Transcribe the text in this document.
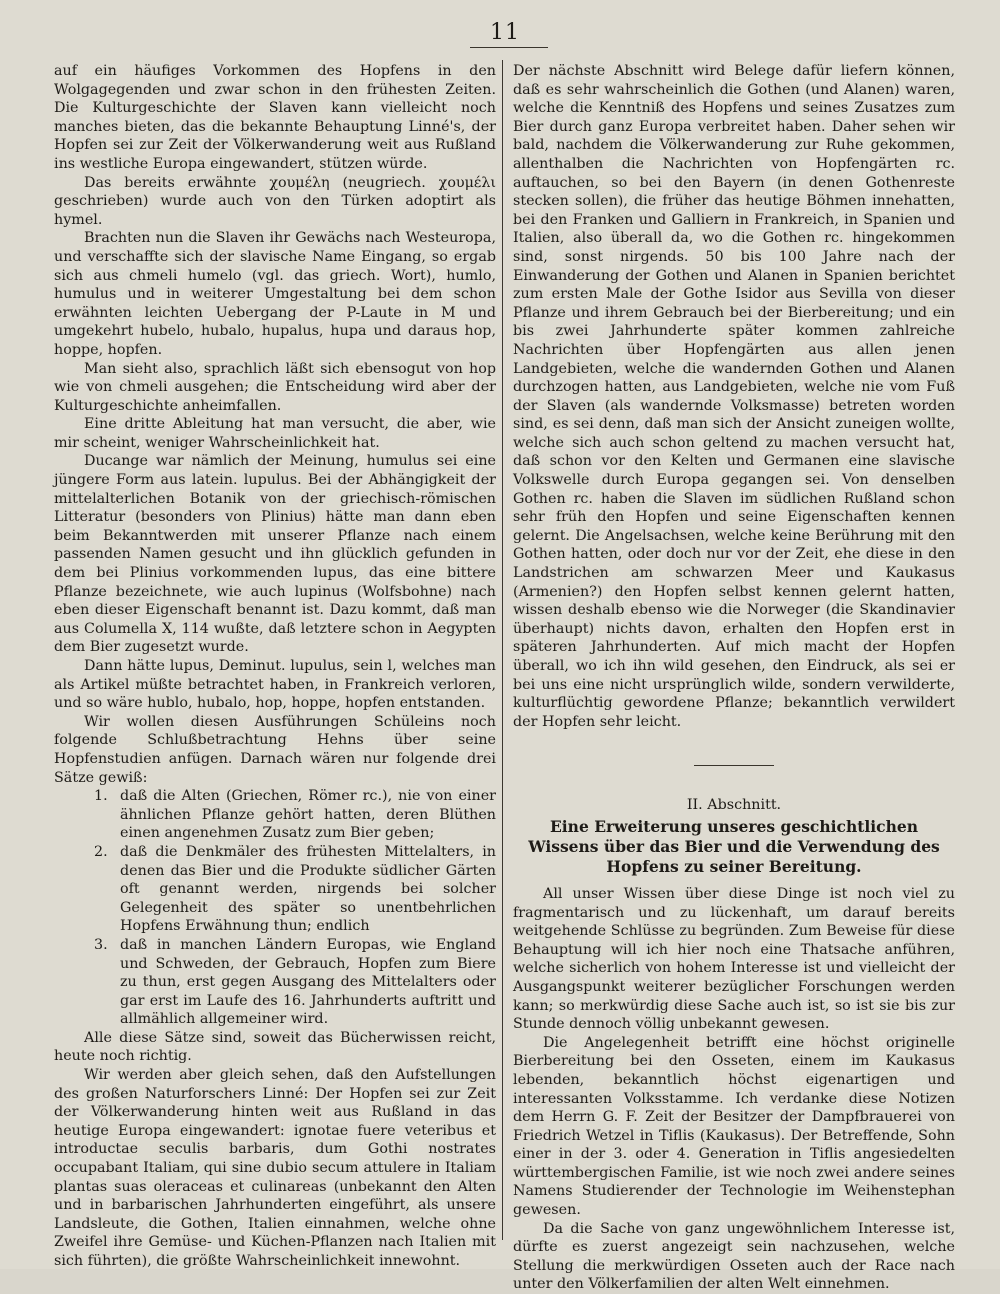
11

auf ein häufiges Vorkommen des Hopfens in den Wolgagegenden und zwar schon in den frühesten Zeiten. Die Kulturgeschichte der Slaven kann vielleicht noch manches bieten, das die bekannte Behauptung Linné's, der Hopfen sei zur Zeit der Völkerwanderung weit aus Rußland ins westliche Europa eingewandert, stützen würde.

Das bereits erwähnte χουμέλη (neugriech. χουμέλι geschrieben) wurde auch von den Türken adoptirt als hymel.

Brachten nun die Slaven ihr Gewächs nach Westeuropa, und verschaffte sich der slavische Name Eingang, so ergab sich aus chmeli humelo (vgl. das griech. Wort), humlo, humulus und in weiterer Umgestaltung bei dem schon erwähnten leichten Uebergang der P-Laute in M und umgekehrt hubelo, hubalo, hupalus, hupa und daraus hop, hoppe, hopfen.

Man sieht also, sprachlich läßt sich ebensogut von hop wie von chmeli ausgehen; die Entscheidung wird aber der Kulturgeschichte anheimfallen.

Eine dritte Ableitung hat man versucht, die aber, wie mir scheint, weniger Wahrscheinlichkeit hat.

Ducange war nämlich der Meinung, humulus sei eine jüngere Form aus latein. lupulus. Bei der Abhängigkeit der mittelalterlichen Botanik von der griechisch-römischen Litteratur (besonders von Plinius) hätte man dann eben beim Bekanntwerden mit unserer Pflanze nach einem passenden Namen gesucht und ihn glücklich gefunden in dem bei Plinius vorkommenden lupus, das eine bittere Pflanze bezeichnete, wie auch lupinus (Wolfsbohne) nach eben dieser Eigenschaft benannt ist. Dazu kommt, daß man aus Columella X, 114 wußte, daß letztere schon in Aegypten dem Bier zugesetzt wurde.

Dann hätte lupus, Deminut. lupulus, sein l, welches man als Artikel müßte betrachtet haben, in Frankreich verloren, und so wäre hublo, hubalo, hop, hoppe, hopfen entstanden.

Wir wollen diesen Ausführungen Schüleins noch folgende Schlußbetrachtung Hehns über seine Hopfenstudien anfügen. Darnach wären nur folgende drei Sätze gewiß:

1. daß die Alten (Griechen, Römer rc.), nie von einer ähnlichen Pflanze gehört hatten, deren Blüthen einen angenehmen Zusatz zum Bier geben;
2. daß die Denkmäler des frühesten Mittelalters, in denen das Bier und die Produkte südlicher Gärten oft genannt werden, nirgends bei solcher Gelegenheit des später so unentbehrlichen Hopfens Erwähnung thun; endlich
3. daß in manchen Ländern Europas, wie England und Schweden, der Gebrauch, Hopfen zum Biere zu thun, erst gegen Ausgang des Mittelalters oder gar erst im Laufe des 16. Jahrhunderts auftritt und allmählich allgemeiner wird.

Alle diese Sätze sind, soweit das Bücherwissen reicht, heute noch richtig.

Wir werden aber gleich sehen, daß den Aufstellungen des großen Naturforschers Linné: Der Hopfen sei zur Zeit der Völkerwanderung hinten weit aus Rußland in das heutige Europa eingewandert: ignotae fuere veteribus et introductae seculis barbaris, dum Gothi nostrates occupabant Italiam, qui sine dubio secum attulere in Italiam plantas suas oleraceas et culinareas (unbekannt den Alten und in barbarischen Jahrhunderten eingeführt, als unsere Landsleute, die Gothen, Italien einnahmen, welche ohne Zweifel ihre Gemüse- und Küchen-Pflanzen nach Italien mit sich führten), die größte Wahrscheinlichkeit innewohnt.

Der nächste Abschnitt wird Belege dafür liefern können, daß es sehr wahrscheinlich die Gothen (und Alanen) waren, welche die Kenntniß des Hopfens und seines Zusatzes zum Bier durch ganz Europa verbreitet haben. Daher sehen wir bald, nachdem die Völkerwanderung zur Ruhe gekommen, allenthalben die Nachrichten von Hopfengärten rc. auftauchen, so bei den Bayern (in denen Gothenreste stecken sollen), die früher das heutige Böhmen innehatten, bei den Franken und Galliern in Frankreich, in Spanien und Italien, also überall da, wo die Gothen rc. hingekommen sind, sonst nirgends. 50 bis 100 Jahre nach der Einwanderung der Gothen und Alanen in Spanien berichtet zum ersten Male der Gothe Isidor aus Sevilla von dieser Pflanze und ihrem Gebrauch bei der Bierbereitung; und ein bis zwei Jahrhunderte später kommen zahlreiche Nachrichten über Hopfengärten aus allen jenen Landgebieten, welche die wandernden Gothen und Alanen durchzogen hatten, aus Landgebieten, welche nie vom Fuß der Slaven (als wandernde Volksmasse) betreten worden sind, es sei denn, daß man sich der Ansicht zuneigen wollte, welche sich auch schon geltend zu machen versucht hat, daß schon vor den Kelten und Germanen eine slavische Volkswelle durch Europa gegangen sei. Von denselben Gothen rc. haben die Slaven im südlichen Rußland schon sehr früh den Hopfen und seine Eigenschaften kennen gelernt. Die Angelsachsen, welche keine Berührung mit den Gothen hatten, oder doch nur vor der Zeit, ehe diese in den Landstrichen am schwarzen Meer und Kaukasus (Armenien?) den Hopfen selbst kennen gelernt hatten, wissen deshalb ebenso wie die Norweger (die Skandinavier überhaupt) nichts davon, erhalten den Hopfen erst in späteren Jahrhunderten. Auf mich macht der Hopfen überall, wo ich ihn wild gesehen, den Eindruck, als sei er bei uns eine nicht ursprünglich wilde, sondern verwilderte, kulturflüchtig gewordene Pflanze; bekanntlich verwildert der Hopfen sehr leicht.

II. Abschnitt.
Eine Erweiterung unseres geschichtlichen Wissens über das Bier und die Verwendung des Hopfens zu seiner Bereitung.

All unser Wissen über diese Dinge ist noch viel zu fragmentarisch und zu lückenhaft, um darauf bereits weitgehende Schlüsse zu begründen. Zum Beweise für diese Behauptung will ich hier noch eine Thatsache anführen, welche sicherlich von hohem Interesse ist und vielleicht der Ausgangspunkt weiterer bezüglicher Forschungen werden kann; so merkwürdig diese Sache auch ist, so ist sie bis zur Stunde dennoch völlig unbekannt gewesen.

Die Angelegenheit betrifft eine höchst originelle Bierbereitung bei den Osseten, einem im Kaukasus lebenden, bekanntlich höchst eigenartigen und interessanten Volksstamme. Ich verdanke diese Notizen dem Herrn G. F. Zeit der Besitzer der Dampfbrauerei von Friedrich Wetzel in Tiflis (Kaukasus). Der Betreffende, Sohn einer in der 3. oder 4. Generation in Tiflis angesiedelten württembergischen Familie, ist wie noch zwei andere seines Namens Studierender der Technologie im Weihenstephan gewesen.

Da die Sache von ganz ungewöhnlichem Interesse ist, dürfte es zuerst angezeigt sein nachzusehen, welche Stellung die merkwürdigen Osseten auch der Race nach unter den Völkerfamilien der alten Welt einnehmen.
